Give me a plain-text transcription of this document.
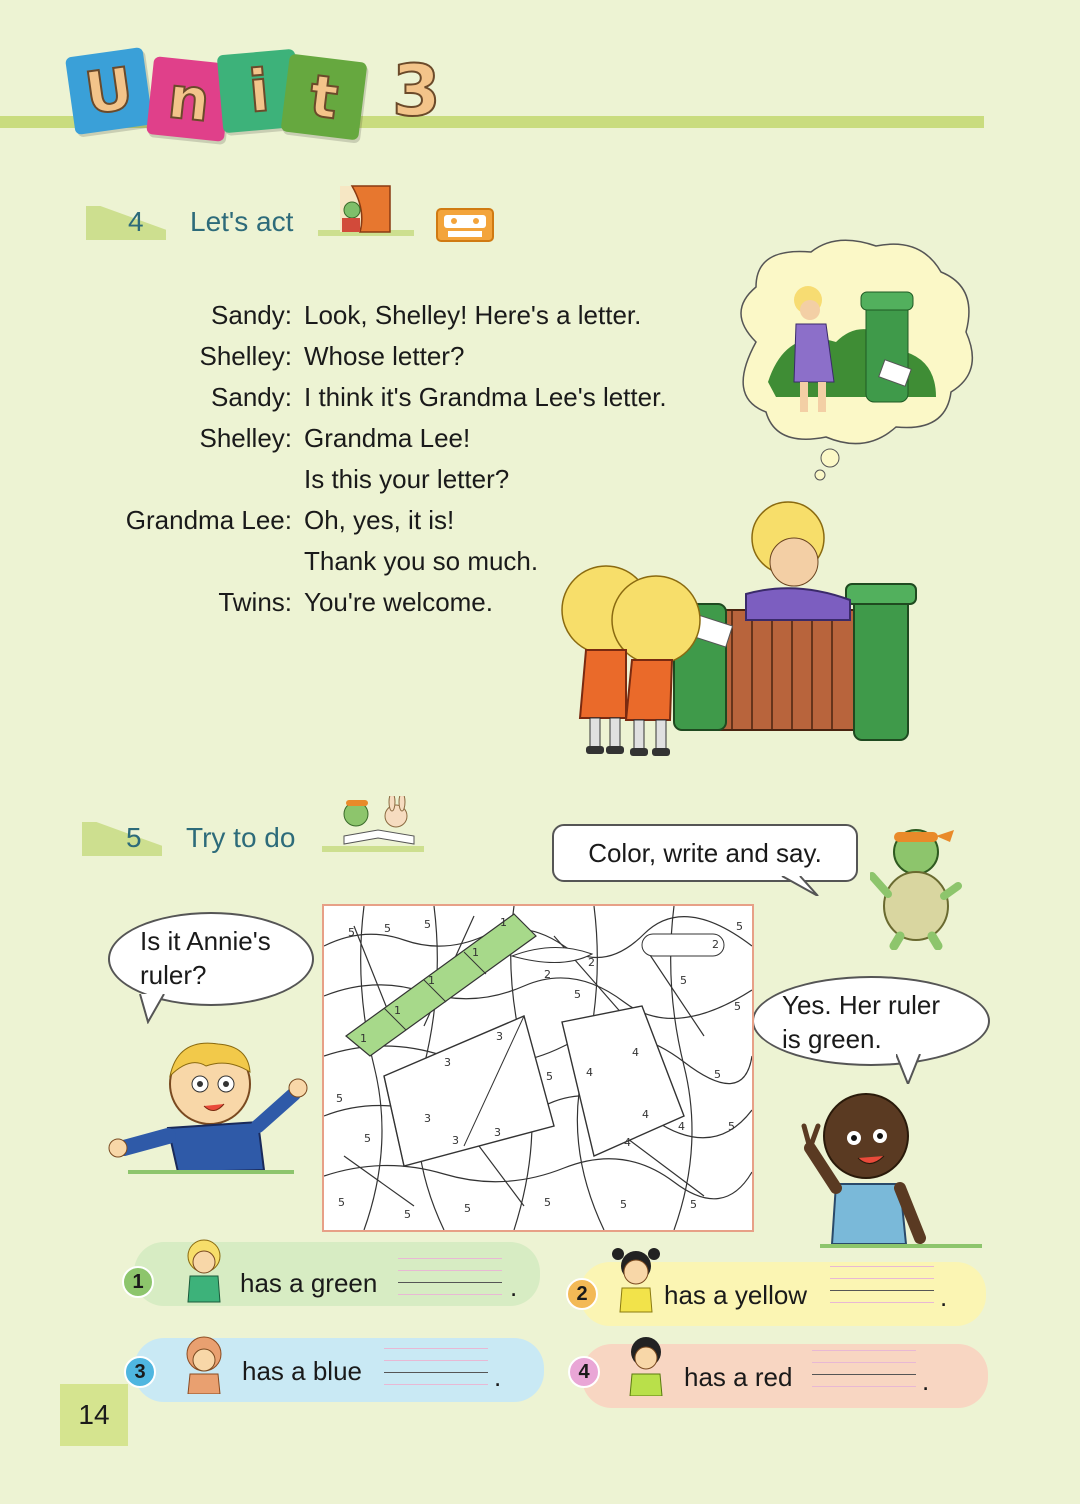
U n i t 3
4 Let's act
Sandy: Look, Shelley! Here's a letter.
Shelley: Whose letter?
Sandy: I think it's Grandma Lee's letter.
Shelley: Grandma Lee!
Is this your letter?
Grandma Lee: Oh, yes, it is!
Thank you so much.
Twins: You're welcome.
5 Try to do	Color, write and say.
Is it Annie's
ruler?
Yes. Her ruler
is green.
5	5	5	1
1
1
1
1
2
2
2
3
3
3
3
3
4
4
4
4
4
5
5
5
5	5	5	5	5
5
5
5
5
5
5
5
1	has a green	.	2	has a yellow	.
3	has a blue	.	4	has a red	.
14
